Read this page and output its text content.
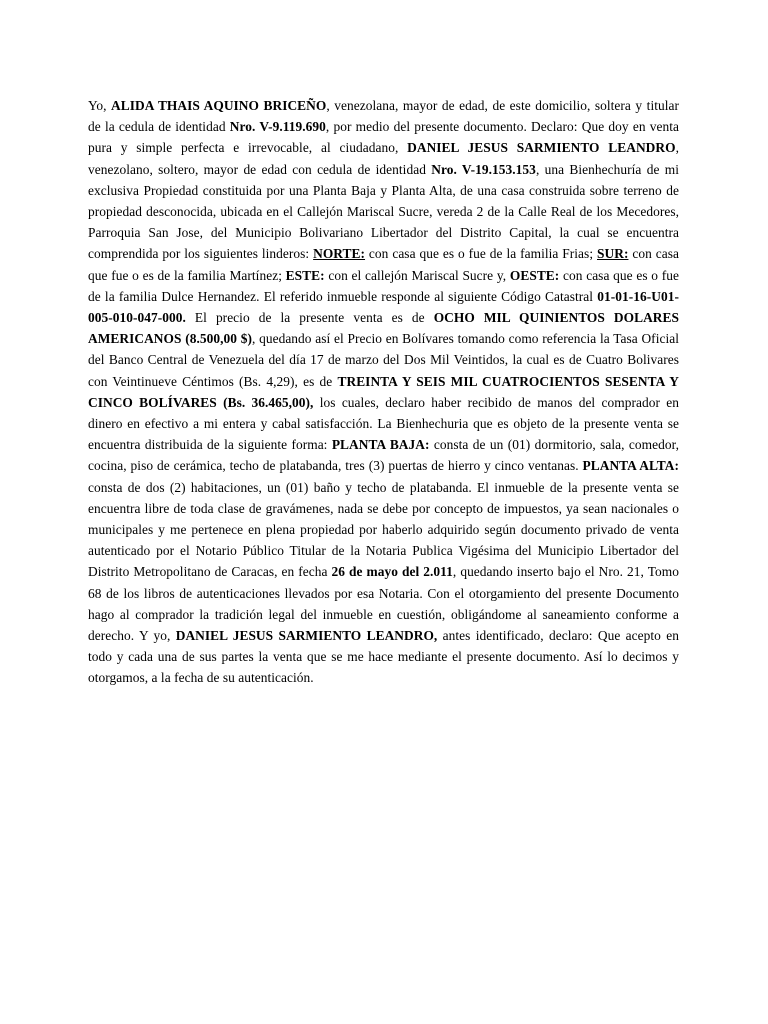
Yo, ALIDA THAIS AQUINO BRICEÑO, venezolana, mayor de edad, de este domicilio, soltera y titular de la cedula de identidad Nro. V-9.119.690, por medio del presente documento. Declaro: Que doy en venta pura y simple perfecta e irrevocable, al ciudadano, DANIEL JESUS SARMIENTO LEANDRO, venezolano, soltero, mayor de edad con cedula de identidad Nro. V-19.153.153, una Bienhechuría de mi exclusiva Propiedad constituida por una Planta Baja y Planta Alta, de una casa construida sobre terreno de propiedad desconocida, ubicada en el Callejón Mariscal Sucre, vereda 2 de la Calle Real de los Mecedores, Parroquia San Jose, del Municipio Bolivariano Libertador del Distrito Capital, la cual se encuentra comprendida por los siguientes linderos: NORTE: con casa que es o fue de la familia Frias; SUR: con casa que fue o es de la familia Martínez; ESTE: con el callejón Mariscal Sucre y, OESTE: con casa que es o fue de la familia Dulce Hernandez. El referido inmueble responde al siguiente Código Catastral 01-01-16-U01-005-010-047-000. El precio de la presente venta es de OCHO MIL QUINIENTOS DOLARES AMERICANOS (8.500,00 $), quedando así el Precio en Bolívares tomando como referencia la Tasa Oficial del Banco Central de Venezuela del día 17 de marzo del Dos Mil Veintidos, la cual es de Cuatro Bolivares con Veintinueve Céntimos (Bs. 4,29), es de TREINTA Y SEIS MIL CUATROCIENTOS SESENTA Y CINCO BOLÍVARES (Bs. 36.465,00), los cuales, declaro haber recibido de manos del comprador en dinero en efectivo a mi entera y cabal satisfacción. La Bienhechuria que es objeto de la presente venta se encuentra distribuida de la siguiente forma: PLANTA BAJA: consta de un (01) dormitorio, sala, comedor, cocina, piso de cerámica, techo de platabanda, tres (3) puertas de hierro y cinco ventanas. PLANTA ALTA: consta de dos (2) habitaciones, un (01) baño y techo de platabanda. El inmueble de la presente venta se encuentra libre de toda clase de gravámenes, nada se debe por concepto de impuestos, ya sean nacionales o municipales y me pertenece en plena propiedad por haberlo adquirido según documento privado de venta autenticado por el Notario Público Titular de la Notaria Publica Vigésima del Municipio Libertador del Distrito Metropolitano de Caracas, en fecha 26 de mayo del 2.011, quedando inserto bajo el Nro. 21, Tomo 68 de los libros de autenticaciones llevados por esa Notaria. Con el otorgamiento del presente Documento hago al comprador la tradición legal del inmueble en cuestión, obligándome al saneamiento conforme a derecho. Y yo, DANIEL JESUS SARMIENTO LEANDRO, antes identificado, declaro: Que acepto en todo y cada una de sus partes la venta que se me hace mediante el presente documento. Así lo decimos y otorgamos, a la fecha de su autenticación.
